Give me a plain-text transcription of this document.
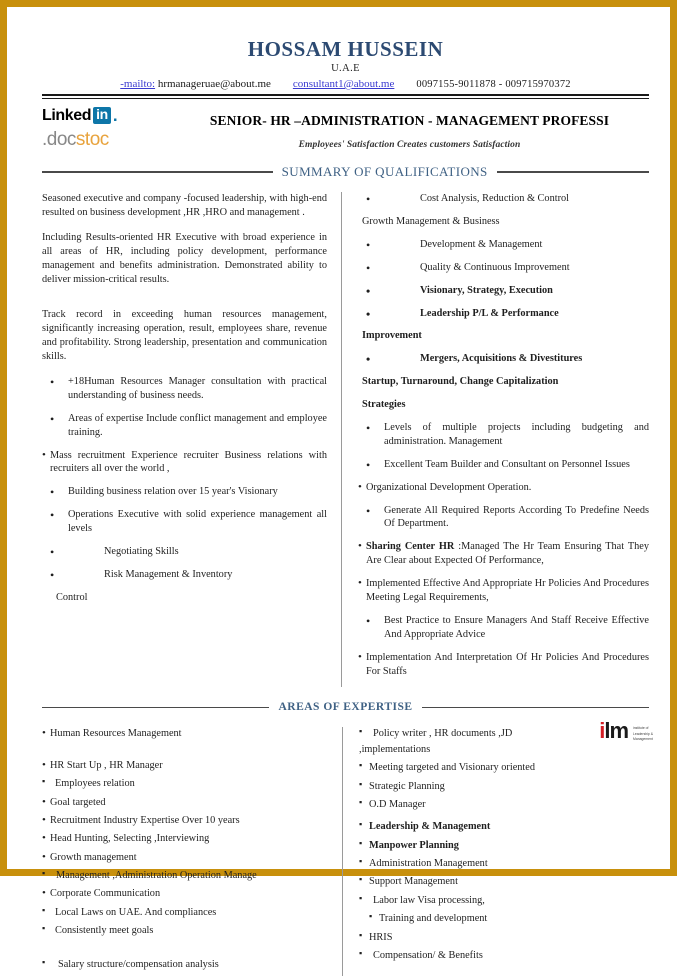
HOSSAM HUSSEIN
U.A.E
-mailto: hrmanageruae@about.me consultant1@about.me 0097155-9011878 - 009715970372
Linked in .
.docstoc
SENIOR- HR –ADMINISTRATION - MANAGEMENT PROFESSI
Employees' Satisfaction Creates customers Satisfaction
SUMMARY OF QUALIFICATIONS

Seasoned executive and company -focused leadership, with high-end resulted on business development ,HR ,HRO and management .

Including Results-oriented HR Executive with broad experience in all areas of HR, including policy development, performance management and benefits administration. Demonstrated ability to deliver mission-critical results.

Track record in exceeding human resources management, significantly increasing operation, result, employees share, revenue and profitability. Strong leadership, presentation and communication skills.

• +18Human Resources Manager consultation with practical understanding of business needs.
• Areas of expertise Include conflict management and employee training.
• Mass recruitment Experience recruiter Business relations with recruiters all over the world ,
• Building business relation over 15 year's Visionary
• Operations Executive with solid experience management all levels
• Negotiating Skills
• Risk Management & Inventory
Control
• Cost Analysis, Reduction & Control
Growth Management & Business
• Development & Management
• Quality & Continuous Improvement
• Visionary, Strategy, Execution
• Leadership P/L & Performance
Improvement
• Mergers, Acquisitions & Divestitures
Startup, Turnaround, Change Capitalization
Strategies
• Levels of multiple projects including budgeting and administration. Management
• Excellent Team Builder and Consultant on Personnel Issues
• Organizational Development Operation.
• Generate All Required Reports According To Predefine Needs Of Department.
• Sharing Center HR :Managed The Hr Team Ensuring That They Are Clear about Expected Of Performance,
• Implemented Effective And Appropriate Hr Policies And Procedures Meeting Legal Requirements,
• Best Practice to Ensure Managers And Staff Receive Effective And Appropriate Advice
• Implementation And Interpretation Of Hr Policies And Procedures For Staffs
AREAS OF EXPERTISE
• Human Resources Management
• HR Start Up , HR Manager
▪ Employees relation
• Goal targeted
• Recruitment Industry Expertise Over 10 years
• Head Hunting, Selecting ,Interviewing
• Growth management
▪ Management ,Administration Operation Manage
• Corporate Communication
▪ Local Laws on UAE. And compliances
▪ Consistently meet goals
▪ Salary structure/compensation analysis
▪ Policy writer , HR documents ,JD
,implementations
▪ Meeting targeted and Visionary oriented
▪ Strategic Planning
▪ O.D Manager
▪ Leadership & Management
▪ Manpower Planning
▪ Administration Management
▪ Support Management
▪ Labor law Visa processing,
▪ Training and development
▪ HRIS
▪ Compensation/ & Benefits
ilm institute of
Leadership &
Management
